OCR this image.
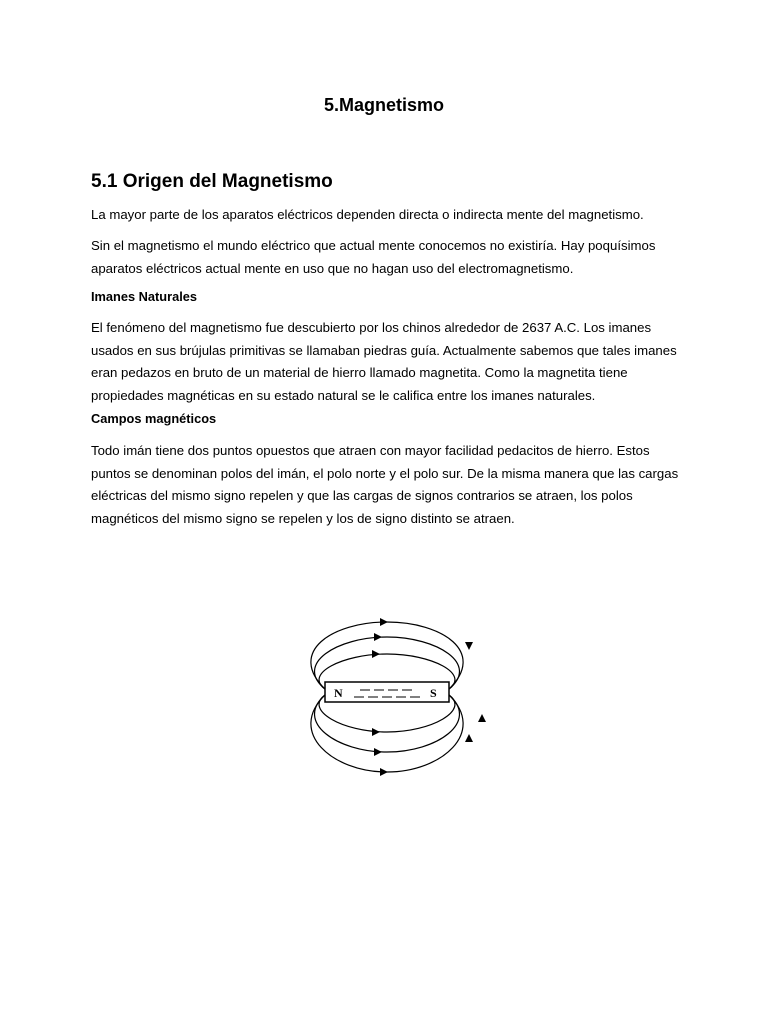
5.Magnetismo
5.1 Origen del Magnetismo

La mayor parte de los aparatos eléctricos dependen directa o indirecta mente del magnetismo.

Sin el magnetismo el mundo eléctrico que actual mente conocemos no existiría. Hay poquísimos aparatos eléctricos actual mente en uso que no hagan uso del electromagnetismo.

Imanes Naturales

El fenómeno del magnetismo fue descubierto por los chinos alrededor de 2637 A.C. Los imanes usados en sus brújulas primitivas se llamaban piedras guía. Actualmente sabemos que tales imanes eran pedazos en bruto de un material de hierro llamado magnetita. Como la magnetita tiene propiedades magnéticas en su estado natural se le califica entre los imanes naturales.

Campos magnéticos

Todo imán tiene dos puntos opuestos que atraen con mayor facilidad pedacitos de hierro. Estos puntos se denominan polos del imán, el polo norte y el polo sur. De la misma manera que las cargas eléctricas del mismo signo repelen y que las cargas de signos contrarios se atraen, los polos magnéticos del mismo signo se repelen y los de signo distinto se atraen.

N	S
